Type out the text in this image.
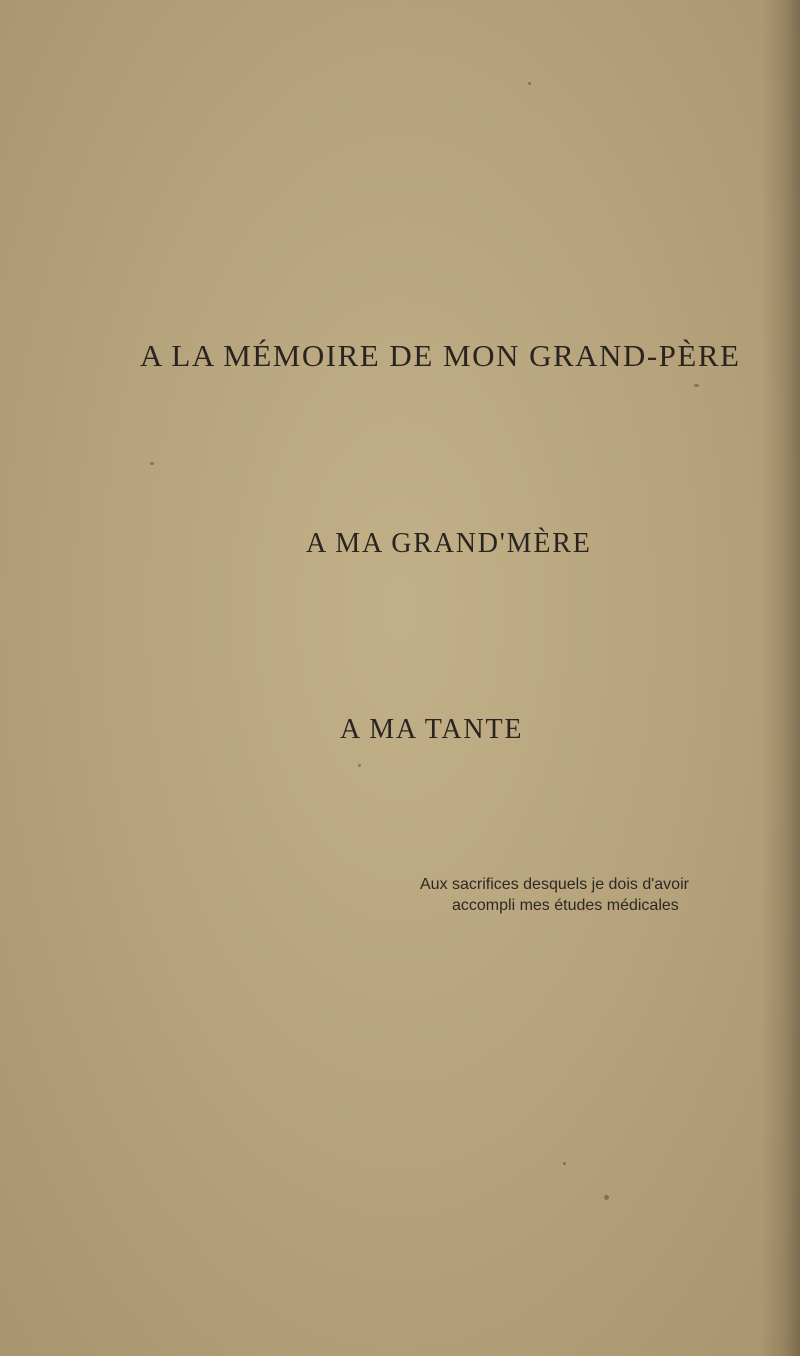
A LA MÉMOIRE DE MON GRAND-PÈRE
A MA GRAND'MÈRE
A MA TANTE

Aux sacrifices desquels je dois d'avoir

accompli mes études médicales
